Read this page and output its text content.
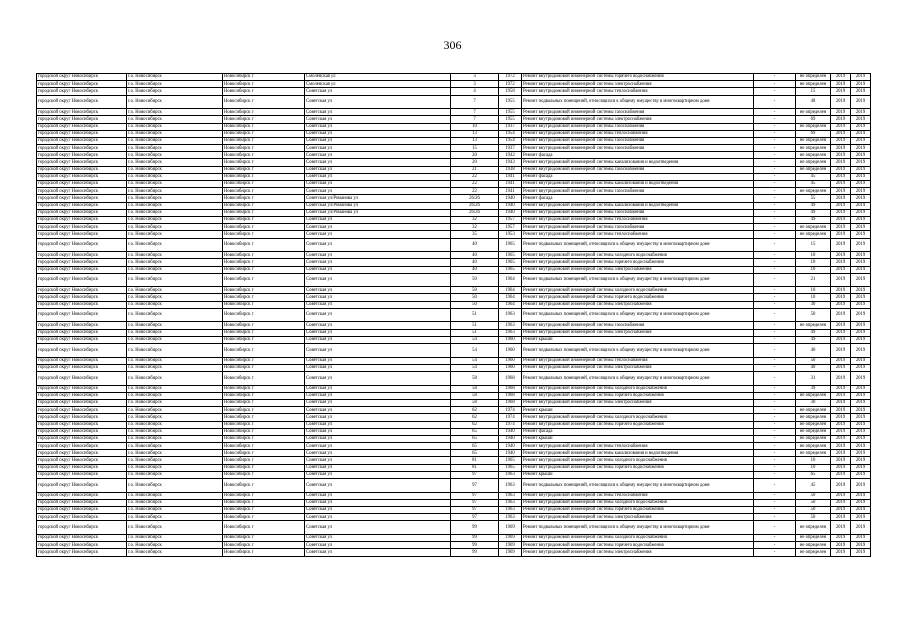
306
городской округ Новосибирск	г.о. Новосибирск	Новосибирск г	Смоленская ул	3	1972	Ремонт внутридомовой инженерной системы горячего водоснабжения	-	не определен	2019	2019
городской округ Новосибирск	г.о. Новосибирск	Новосибирск г	Смоленская ул	3	1972	Ремонт внутридомовой инженерной системы электроснабжения	-	не определен	2019	2019
городской округ Новосибирск	г.о. Новосибирск	Новосибирск г	Советская ул	4	1958	Ремонт внутридомовой инженерной системы теплоснабжения	-	15	2019	2019
городской округ Новосибирск	г.о. Новосибирск	Новосибирск г	Советская ул	7	1955	Ремонт подвальных помещений, относящихся к общему имуществу в многоквартирном доме	-	48	2019	2019
городской округ Новосибирск	г.о. Новосибирск	Новосибирск г	Советская ул	7	1955	Ремонт внутридомовой инженерной системы газоснабжения	-	не определен	2019	2019
городской округ Новосибирск	г.о. Новосибирск	Новосибирск г	Советская ул	7	1955	Ремонт внутридомовой инженерной системы электроснабжения	-	69	2019	2019
городской округ Новосибирск	г.о. Новосибирск	Новосибирск г	Советская ул	10	1937	Ремонт внутридомовой инженерной системы газоснабжения	-	не определен	2019	2019
городской округ Новосибирск	г.о. Новосибирск	Новосибирск г	Советская ул	13	1954	Ремонт внутридомовой инженерной системы теплоснабжения	-	69	2019	2019
городской округ Новосибирск	г.о. Новосибирск	Новосибирск г	Советская ул	13	1954	Ремонт внутридомовой инженерной системы газоснабжения	-	не определен	2019	2019
городской округ Новосибирск	г.о. Новосибирск	Новосибирск г	Советская ул	15	1937	Ремонт внутридомовой инженерной системы газоснабжения	-	не определен	2019	2019
городской округ Новосибирск	г.о. Новосибирск	Новосибирск г	Советская ул	20	1942	Ремонт фасада	-	не определен	2019	2019
городской округ Новосибирск	г.о. Новосибирск	Новосибирск г	Советская ул	20	1943	Ремонт внутридомовой инженерной системы канализования и водоотведения	-	не определен	2019	2019
городской округ Новосибирск	г.о. Новосибирск	Новосибирск г	Советская ул	21	1938	Ремонт внутридомовой инженерной системы газоснабжения	-	не определен	2019	2019
городской округ Новосибирск	г.о. Новосибирск	Новосибирск г	Советская ул	22	1941	Ремонт фасада	-	45	2019	2019
городской округ Новосибирск	г.о. Новосибирск	Новосибирск г	Советская ул	22	1941	Ремонт внутридомовой инженерной системы канализования и водоотведения	-	45	2019	2019
городской округ Новосибирск	г.о. Новосибирск	Новосибирск г	Советская ул	22	1941	Ремонт внутридомовой инженерной системы газоснабжения	-	не определен	2019	2019
городской округ Новосибирск	г.о. Новосибирск	Новосибирск г	Советская ул/Романова ул	26/26	1940	Ремонт фасада	-	55	2019	2019
городской округ Новосибирск	г.о. Новосибирск	Новосибирск г	Советская ул/Романова ул	26/26	1940	Ремонт внутридомовой инженерной системы канализования и водоотведения	-	49	2019	2019
городской округ Новосибирск	г.о. Новосибирск	Новосибирск г	Советская ул/Романова ул	26/26	1940	Ремонт внутридомовой инженерной системы газоснабжения	-	49	2019	2019
городской округ Новосибирск	г.о. Новосибирск	Новосибирск г	Советская ул	32	1957	Ремонт внутридомовой инженерной системы теплоснабжения	-	49	2019	2019
городской округ Новосибирск	г.о. Новосибирск	Новосибирск г	Советская ул	32	1957	Ремонт внутридомовой инженерной системы газоснабжения	-	не определен	2019	2019
городской округ Новосибирск	г.о. Новосибирск	Новосибирск г	Советская ул	35	1953	Ремонт внутридомовой инженерной системы теплоснабжения	-	не определен	2019	2019
городской округ Новосибирск	г.о. Новосибирск	Новосибирск г	Советская ул	40	1965	Ремонт подвальных помещений, относящихся к общему имуществу в многоквартирном доме	-	15	2019	2019
городской округ Новосибирск	г.о. Новосибирск	Новосибирск г	Советская ул	40	1965	Ремонт внутридомовой инженерной системы холодного водоснабжения	-	10	2019	2019
городской округ Новосибирск	г.о. Новосибирск	Новосибирск г	Советская ул	40	1965	Ремонт внутридомовой инженерной системы горячего водоснабжения	-	10	2019	2019
городской округ Новосибирск	г.о. Новосибирск	Новосибирск г	Советская ул	40	1965	Ремонт внутридомовой инженерной системы электроснабжения	-	10	2019	2019
городской округ Новосибирск	г.о. Новосибирск	Новосибирск г	Советская ул	50	1964	Ремонт подвальных помещений, относящихся к общему имуществу в многоквартирном доме	-	21	2019	2019
городской округ Новосибирск	г.о. Новосибирск	Новосибирск г	Советская ул	50	1964	Ремонт внутридомовой инженерной системы холодного водоснабжения	-	10	2019	2019
городской округ Новосибирск	г.о. Новосибирск	Новосибирск г	Советская ул	50	1964	Ремонт внутридомовой инженерной системы горячего водоснабжения	-	10	2019	2019
городской округ Новосибирск	г.о. Новосибирск	Новосибирск г	Советская ул	50	1964	Ремонт внутридомовой инженерной системы электроснабжения	-	30	2019	2019
городской округ Новосибирск	г.о. Новосибирск	Новосибирск г	Советская ул	51	1963	Ремонт подвальных помещений, относящихся к общему имуществу в многоквартирном доме	-	50	2019	2019
городской округ Новосибирск	г.о. Новосибирск	Новосибирск г	Советская ул	51	1963	Ремонт внутридомовой инженерной системы газоснабжения	-	не определен	2019	2019
городской округ Новосибирск	г.о. Новосибирск	Новосибирск г	Советская ул	51	1963	Ремонт внутридомовой инженерной системы электроснабжения	-	49	2019	2019
городской округ Новосибирск	г.о. Новосибирск	Новосибирск г	Советская ул	54	1960	Ремонт крыши	-	49	2019	2019
городской округ Новосибирск	г.о. Новосибирск	Новосибирск г	Советская ул	54	1960	Ремонт подвальных помещений, относящихся к общему имуществу в многоквартирном доме	-	40	2019	2019
городской округ Новосибирск	г.о. Новосибирск	Новосибирск г	Советская ул	54	1960	Ремонт внутридомовой инженерной системы теплоснабжения	-	50	2019	2019
городской округ Новосибирск	г.о. Новосибирск	Новосибирск г	Советская ул	54	1960	Ремонт внутридомовой инженерной системы электроснабжения	-	40	2019	2019
городской округ Новосибирск	г.о. Новосибирск	Новосибирск г	Советская ул	58	1968	Ремонт подвальных помещений, относящихся к общему имуществу в многоквартирном доме	-	31	2019	2019
городской округ Новосибирск	г.о. Новосибирск	Новосибирск г	Советская ул	58	1968	Ремонт внутридомовой инженерной системы холодного водоснабжения	-	39	2019	2019
городской округ Новосибирск	г.о. Новосибирск	Новосибирск г	Советская ул	58	1968	Ремонт внутридомовой инженерной системы горячего водоснабжения	-	не определен	2019	2019
городской округ Новосибирск	г.о. Новосибирск	Новосибирск г	Советская ул	58	1968	Ремонт внутридомовой инженерной системы электроснабжения	-	30	2019	2019
городской округ Новосибирск	г.о. Новосибирск	Новосибирск г	Советская ул	62	1974	Ремонт крыши	-	не определен	2019	2019
городской округ Новосибирск	г.о. Новосибирск	Новосибирск г	Советская ул	62	1974	Ремонт внутридомовой инженерной системы холодного водоснабжения	-	не определен	2019	2019
городской округ Новосибирск	г.о. Новосибирск	Новосибирск г	Советская ул	62	1974	Ремонт внутридомовой инженерной системы горячего водоснабжения	-	не определен	2019	2019
городской округ Новосибирск	г.о. Новосибирск	Новосибирск г	Советская ул	65	1940	Ремонт фасада	-	не определен	2019	2019
городской округ Новосибирск	г.о. Новосибирск	Новосибирск г	Советская ул	65	1940	Ремонт крыши	-	не определен	2019	2019
городской округ Новосибирск	г.о. Новосибирск	Новосибирск г	Советская ул	65	1940	Ремонт внутридомовой инженерной системы теплоснабжения	-	не определен	2019	2019
городской округ Новосибирск	г.о. Новосибирск	Новосибирск г	Советская ул	65	1940	Ремонт внутридомовой инженерной системы канализования и водоотведения	-	не определен	2019	2019
городской округ Новосибирск	г.о. Новосибирск	Новосибирск г	Советская ул	81	1965	Ремонт внутридомовой инженерной системы холодного водоснабжения	-	10	2019	2019
городской округ Новосибирск	г.о. Новосибирск	Новосибирск г	Советская ул	81	1965	Ремонт внутридомовой инженерной системы горячего водоснабжения	-	10	2019	2019
городской округ Новосибирск	г.о. Новосибирск	Новосибирск г	Советская ул	97	1963	Ремонт крыши	-	65	2019	2019
городской округ Новосибирск	г.о. Новосибирск	Новосибирск г	Советская ул	97	1963	Ремонт подвальных помещений, относящихся к общему имуществу в многоквартирном доме	-	45	2019	2019
городской округ Новосибирск	г.о. Новосибирск	Новосибирск г	Советская ул	97	1963	Ремонт внутридомовой инженерной системы теплоснабжения	-	50	2019	2019
городской округ Новосибирск	г.о. Новосибирск	Новосибирск г	Советская ул	97	1963	Ремонт внутридомовой инженерной системы холодного водоснабжения	-	50	2019	2019
городской округ Новосибирск	г.о. Новосибирск	Новосибирск г	Советская ул	97	1963	Ремонт внутридомовой инженерной системы горячего водоснабжения	-	50	2019	2019
городской округ Новосибирск	г.о. Новосибирск	Новосибирск г	Советская ул	97	1963	Ремонт внутридомовой инженерной системы электроснабжения	-	50	2019	2019
городской округ Новосибирск	г.о. Новосибирск	Новосибирск г	Советская ул	99	1969	Ремонт подвальных помещений, относящихся к общему имуществу в многоквартирном доме	-	не определен	2019	2019
городской округ Новосибирск	г.о. Новосибирск	Новосибирск г	Советская ул	99	1969	Ремонт внутридомовой инженерной системы холодного водоснабжения	-	не определен	2019	2019
городской округ Новосибирск	г.о. Новосибирск	Новосибирск г	Советская ул	99	1969	Ремонт внутридомовой инженерной системы горячего водоснабжения	-	не определен	2019	2019
городской округ Новосибирск	г.о. Новосибирск	Новосибирск г	Советская ул	99	1969	Ремонт внутридомовой инженерной системы электроснабжения	-	не определен	2019	2019
